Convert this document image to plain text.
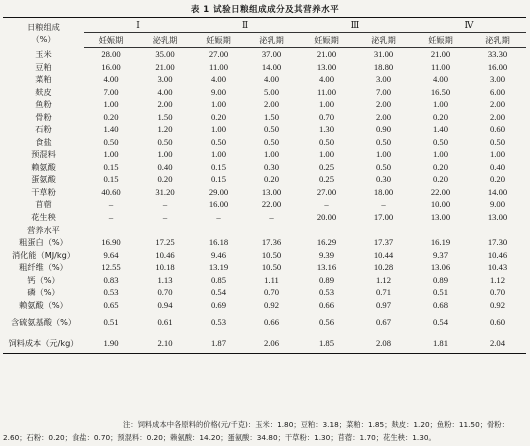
表 1 试验日粮组成成分及其营养水平
日粮组成
（%）	Ⅰ		Ⅱ		Ⅲ		Ⅳ	
	妊娠期	泌乳期	妊娠期	泌乳期	妊娠期	泌乳期	妊娠期	泌乳期
玉米	28.00	35.00	27.00	37.00	21.00	31.00	21.00	33.30
豆粕	16.00	21.00	11.00	14.00	13.00	18.80	11.00	16.00
菜粕	4.00	3.00	4.00	4.00	4.00	3.00	4.00	3.00
麸皮	7.00	4.00	9.00	5.00	11.00	7.00	16.50	6.00
鱼粉	1.00	2.00	1.00	2.00	1.00	2.00	1.00	2.00
骨粉	0.20	1.50	0.20	1.50	0.70	2.00	0.20	2.00
石粉	1.40	1.20	1.00	0.50	1.30	0.90	1.40	0.60
食盐	0.50	0.50	0.50	0.50	0.50	0.50	0.50	0.50
预混料	1.00	1.00	1.00	1.00	1.00	1.00	1.00	1.00
赖氨酸	0.15	0.40	0.15	0.30	0.25	0.50	0.20	0.40
蛋氨酸	0.15	0.20	0.15	0.20	0.25	0.30	0.20	0.20
干草粉	40.60	31.20	29.00	13.00	27.00	18.00	22.00	14.00
苜蓿	–	–	16.00	22.00	–	–	10.00	9.00
花生秧	–	–	–	–	20.00	17.00	13.00	13.00
营养水平								
粗蛋白（%）	16.90	17.25	16.18	17.36	16.29	17.37	16.19	17.30
消化能（MJ/kg）	9.64	10.46	9.46	10.50	9.39	10.44	9.37	10.46
粗纤维（%）	12.55	10.18	13.19	10.50	13.16	10.28	13.06	10.43
钙（%）	0.83	1.13	0.85	1.11	0.89	1.12	0.89	1.12
磷（%）	0.53	0.70	0.54	0.70	0.53	0.71	0.51	0.70
赖氨酸（%）	0.65	0.94	0.69	0.92	0.66	0.97	0.68	0.92
含硫氨基酸（%）	0.51	0.61	0.53	0.66	0.56	0.67	0.54	0.60
饲料成本（元/kg）	1.90	2.10	1.87	2.06	1.85	2.08	1.81	2.04
注：饲料成本中各原料的价格(元/千克)：玉米：1.80；豆粕：3.18；菜粕：1.85；麸皮：1.20；鱼粉：11.50；骨粉：2.60；石粉：0.20；食盐：0.70；预混料：0.20；赖氨酸：14.20；蛋氨酸：34.80；干草粉：1.30；苜蓿：1.70；花生秧：1.30。
